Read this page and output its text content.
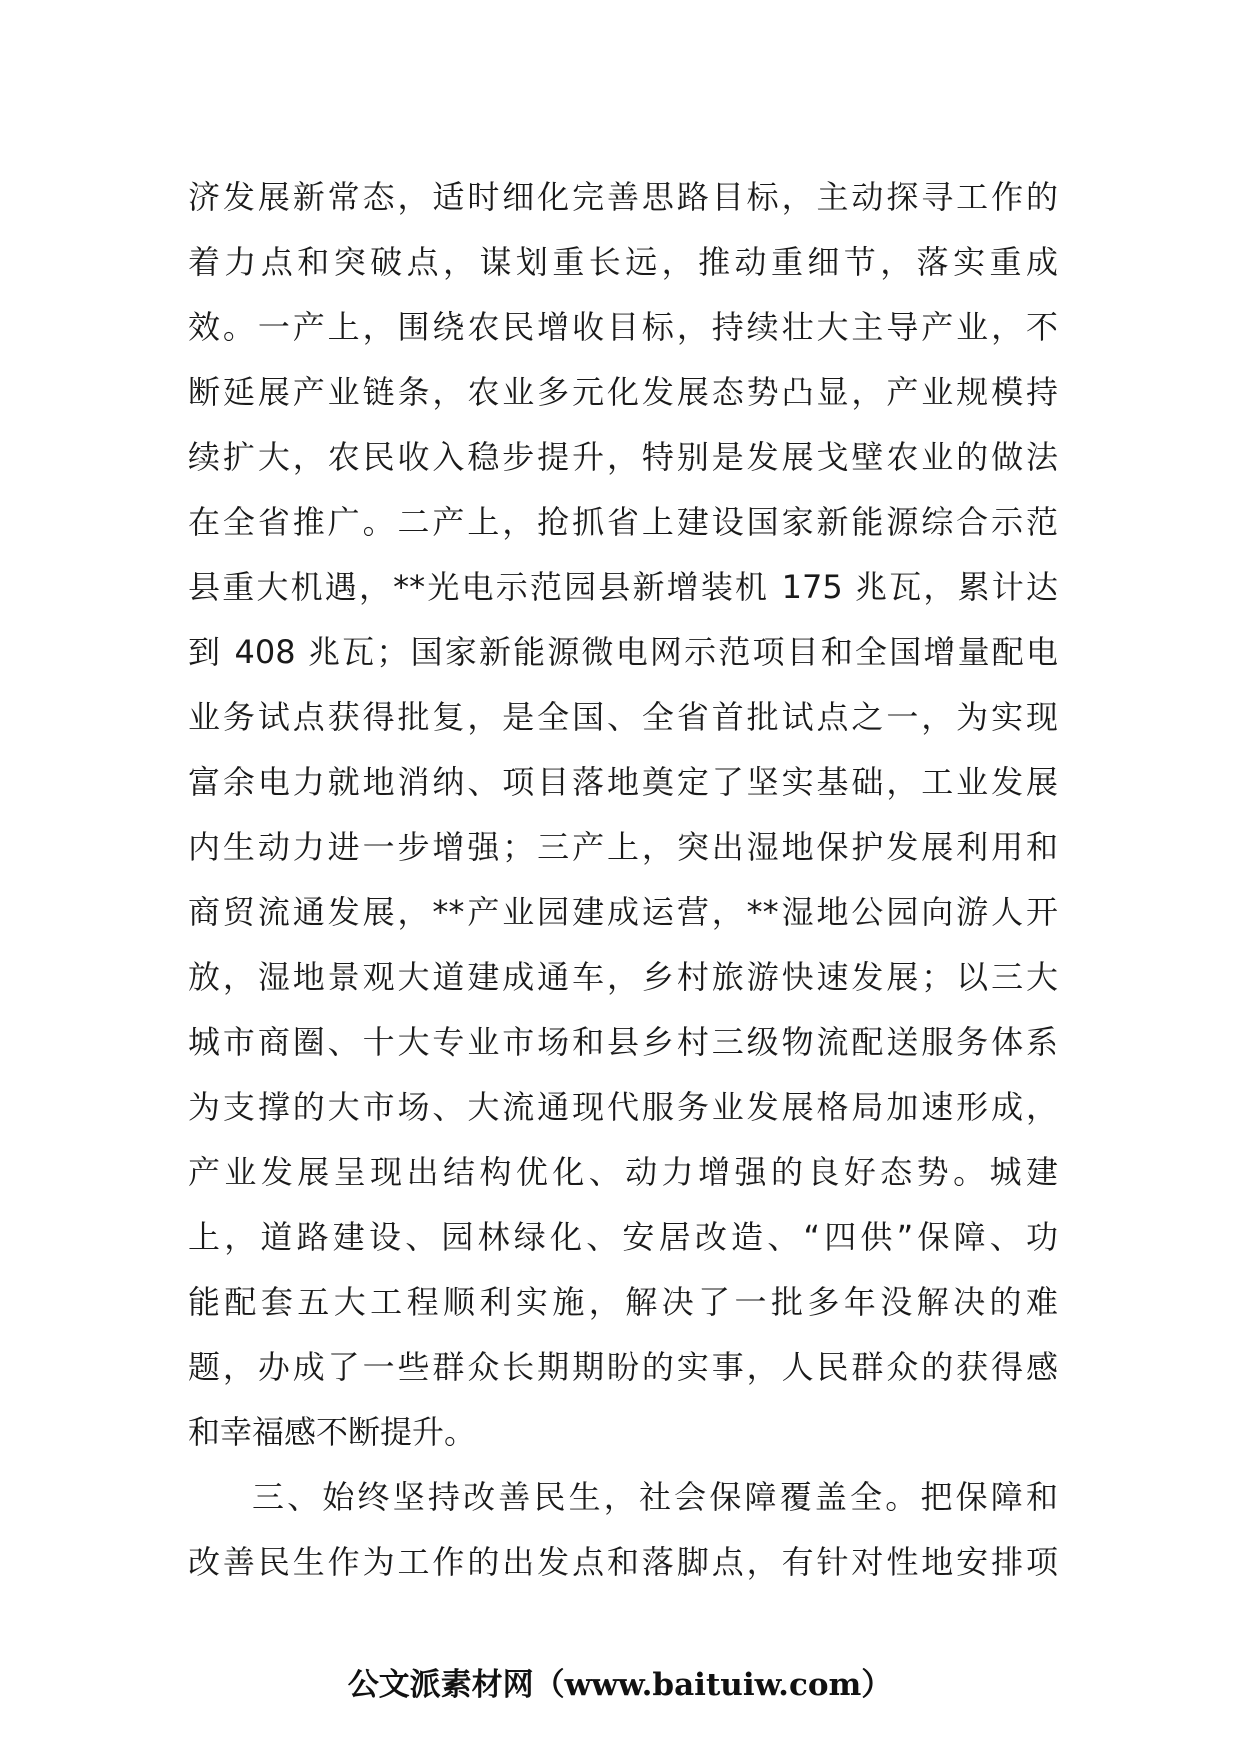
济发展新常态，适时细化完善思路目标，主动探寻工作的
着力点和突破点，谋划重长远，推动重细节，落实重成
效。一产上，围绕农民增收目标，持续壮大主导产业，不
断延展产业链条，农业多元化发展态势凸显，产业规模持
续扩大，农民收入稳步提升，特别是发展戈壁农业的做法
在全省推广。二产上，抢抓省上建设国家新能源综合示范
县重大机遇，**光电示范园县新增装机 175 兆瓦，累计达
到 408 兆瓦；国家新能源微电网示范项目和全国增量配电
业务试点获得批复，是全国、全省首批试点之一，为实现
富余电力就地消纳、项目落地奠定了坚实基础，工业发展
内生动力进一步增强；三产上，突出湿地保护发展利用和
商贸流通发展，**产业园建成运营，**湿地公园向游人开
放，湿地景观大道建成通车，乡村旅游快速发展；以三大
城市商圈、十大专业市场和县乡村三级物流配送服务体系
为支撑的大市场、大流通现代服务业发展格局加速形成，
产业发展呈现出结构优化、动力增强的良好态势。城建
上，道路建设、园林绿化、安居改造、“四供”保障、功
能配套五大工程顺利实施，解决了一批多年没解决的难
题，办成了一些群众长期期盼的实事，人民群众的获得感
和幸福感不断提升。
三、始终坚持改善民生，社会保障覆盖全。把保障和
改善民生作为工作的出发点和落脚点，有针对性地安排项
公文派素材网（www.baituiw.com）
